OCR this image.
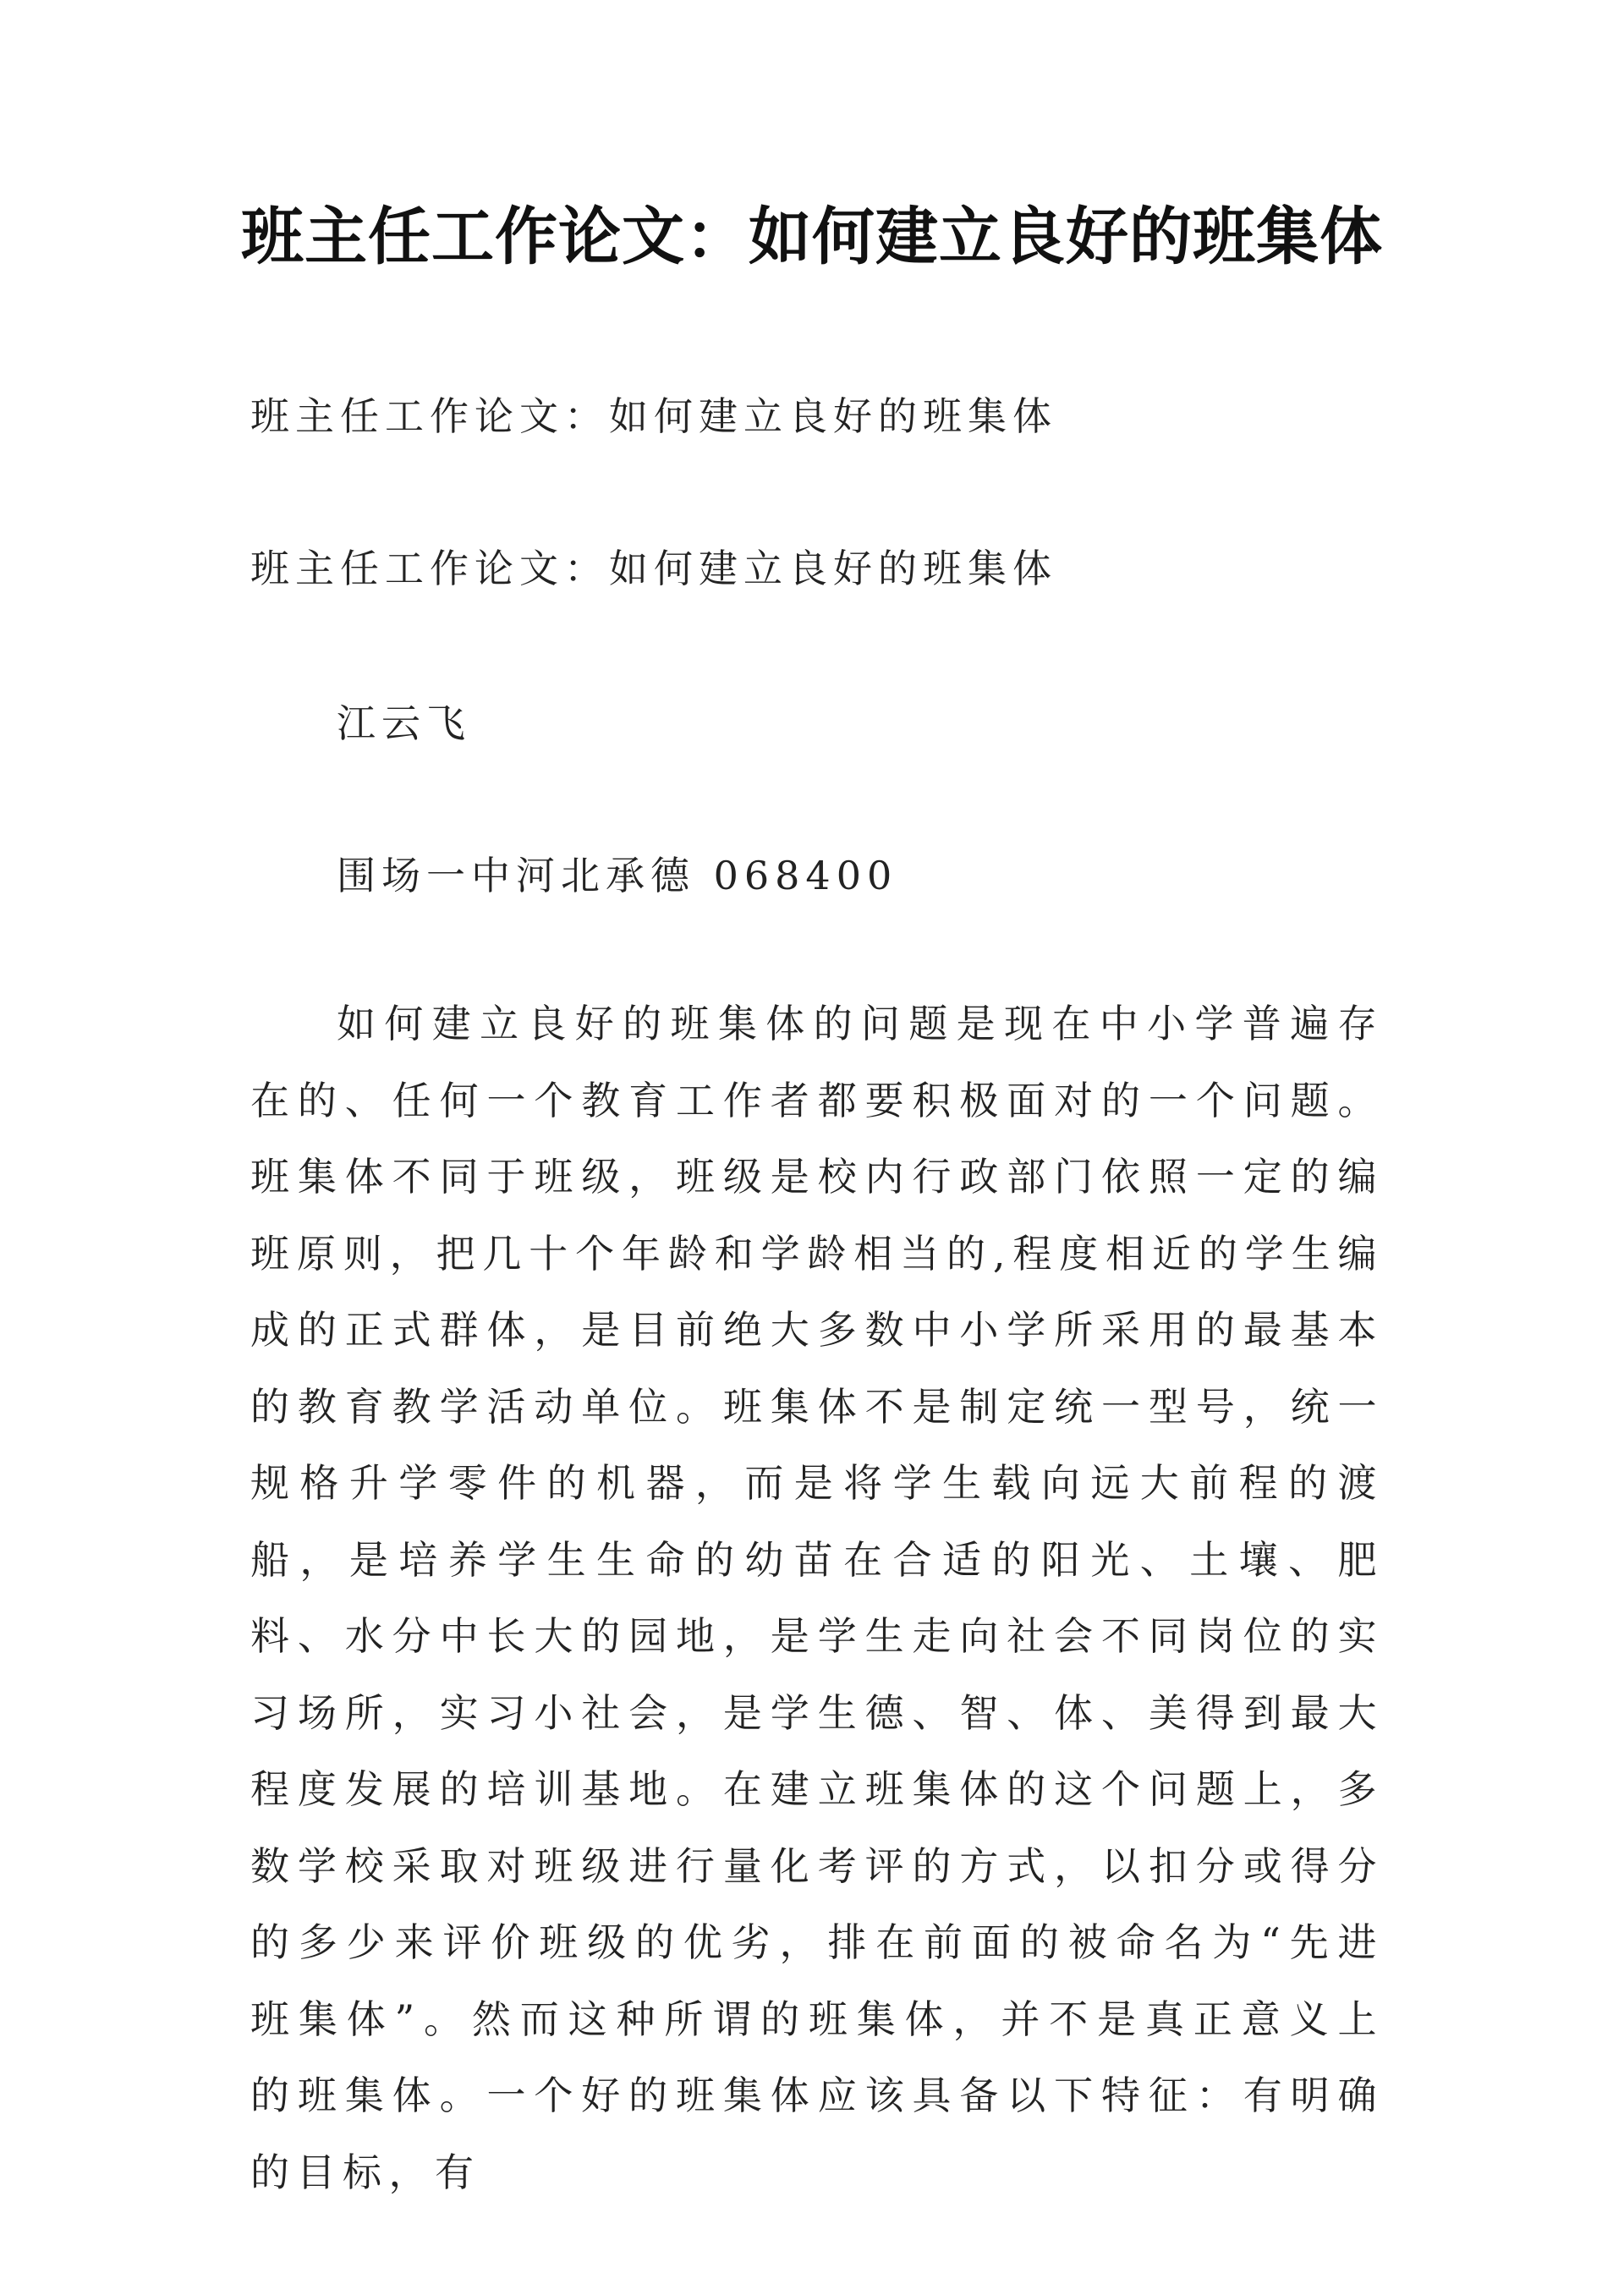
班主任工作论文：如何建立良好的班集体
班主任工作论文：如何建立良好的班集体
班主任工作论文：如何建立良好的班集体
江云飞
围场一中河北承德 068400
如何建立良好的班集体的问题是现在中小学普遍存在的、任何一个教育工作者都要积极面对的一个问题。班集体不同于班级，班级是校内行政部门依照一定的编班原则，把几十个年龄和学龄相当的,程度相近的学生编成的正式群体，是目前绝大多数中小学所采用的最基本的教育教学活动单位。班集体不是制定统一型号，统一规格升学零件的机器，而是将学生载向远大前程的渡船，是培养学生生命的幼苗在合适的阳光、土壤、肥料、水分中长大的园地，是学生走向社会不同岗位的实习场所，实习小社会，是学生德、智、体、美得到最大程度发展的培训基地。在建立班集体的这个问题上，多数学校采取对班级进行量化考评的方式，以扣分或得分的多少来评价班级的优劣，排在前面的被命名为“先进班集体”。然而这种所谓的班集体，并不是真正意义上的班集体。一个好的班集体应该具备以下特征：有明确的目标，有
